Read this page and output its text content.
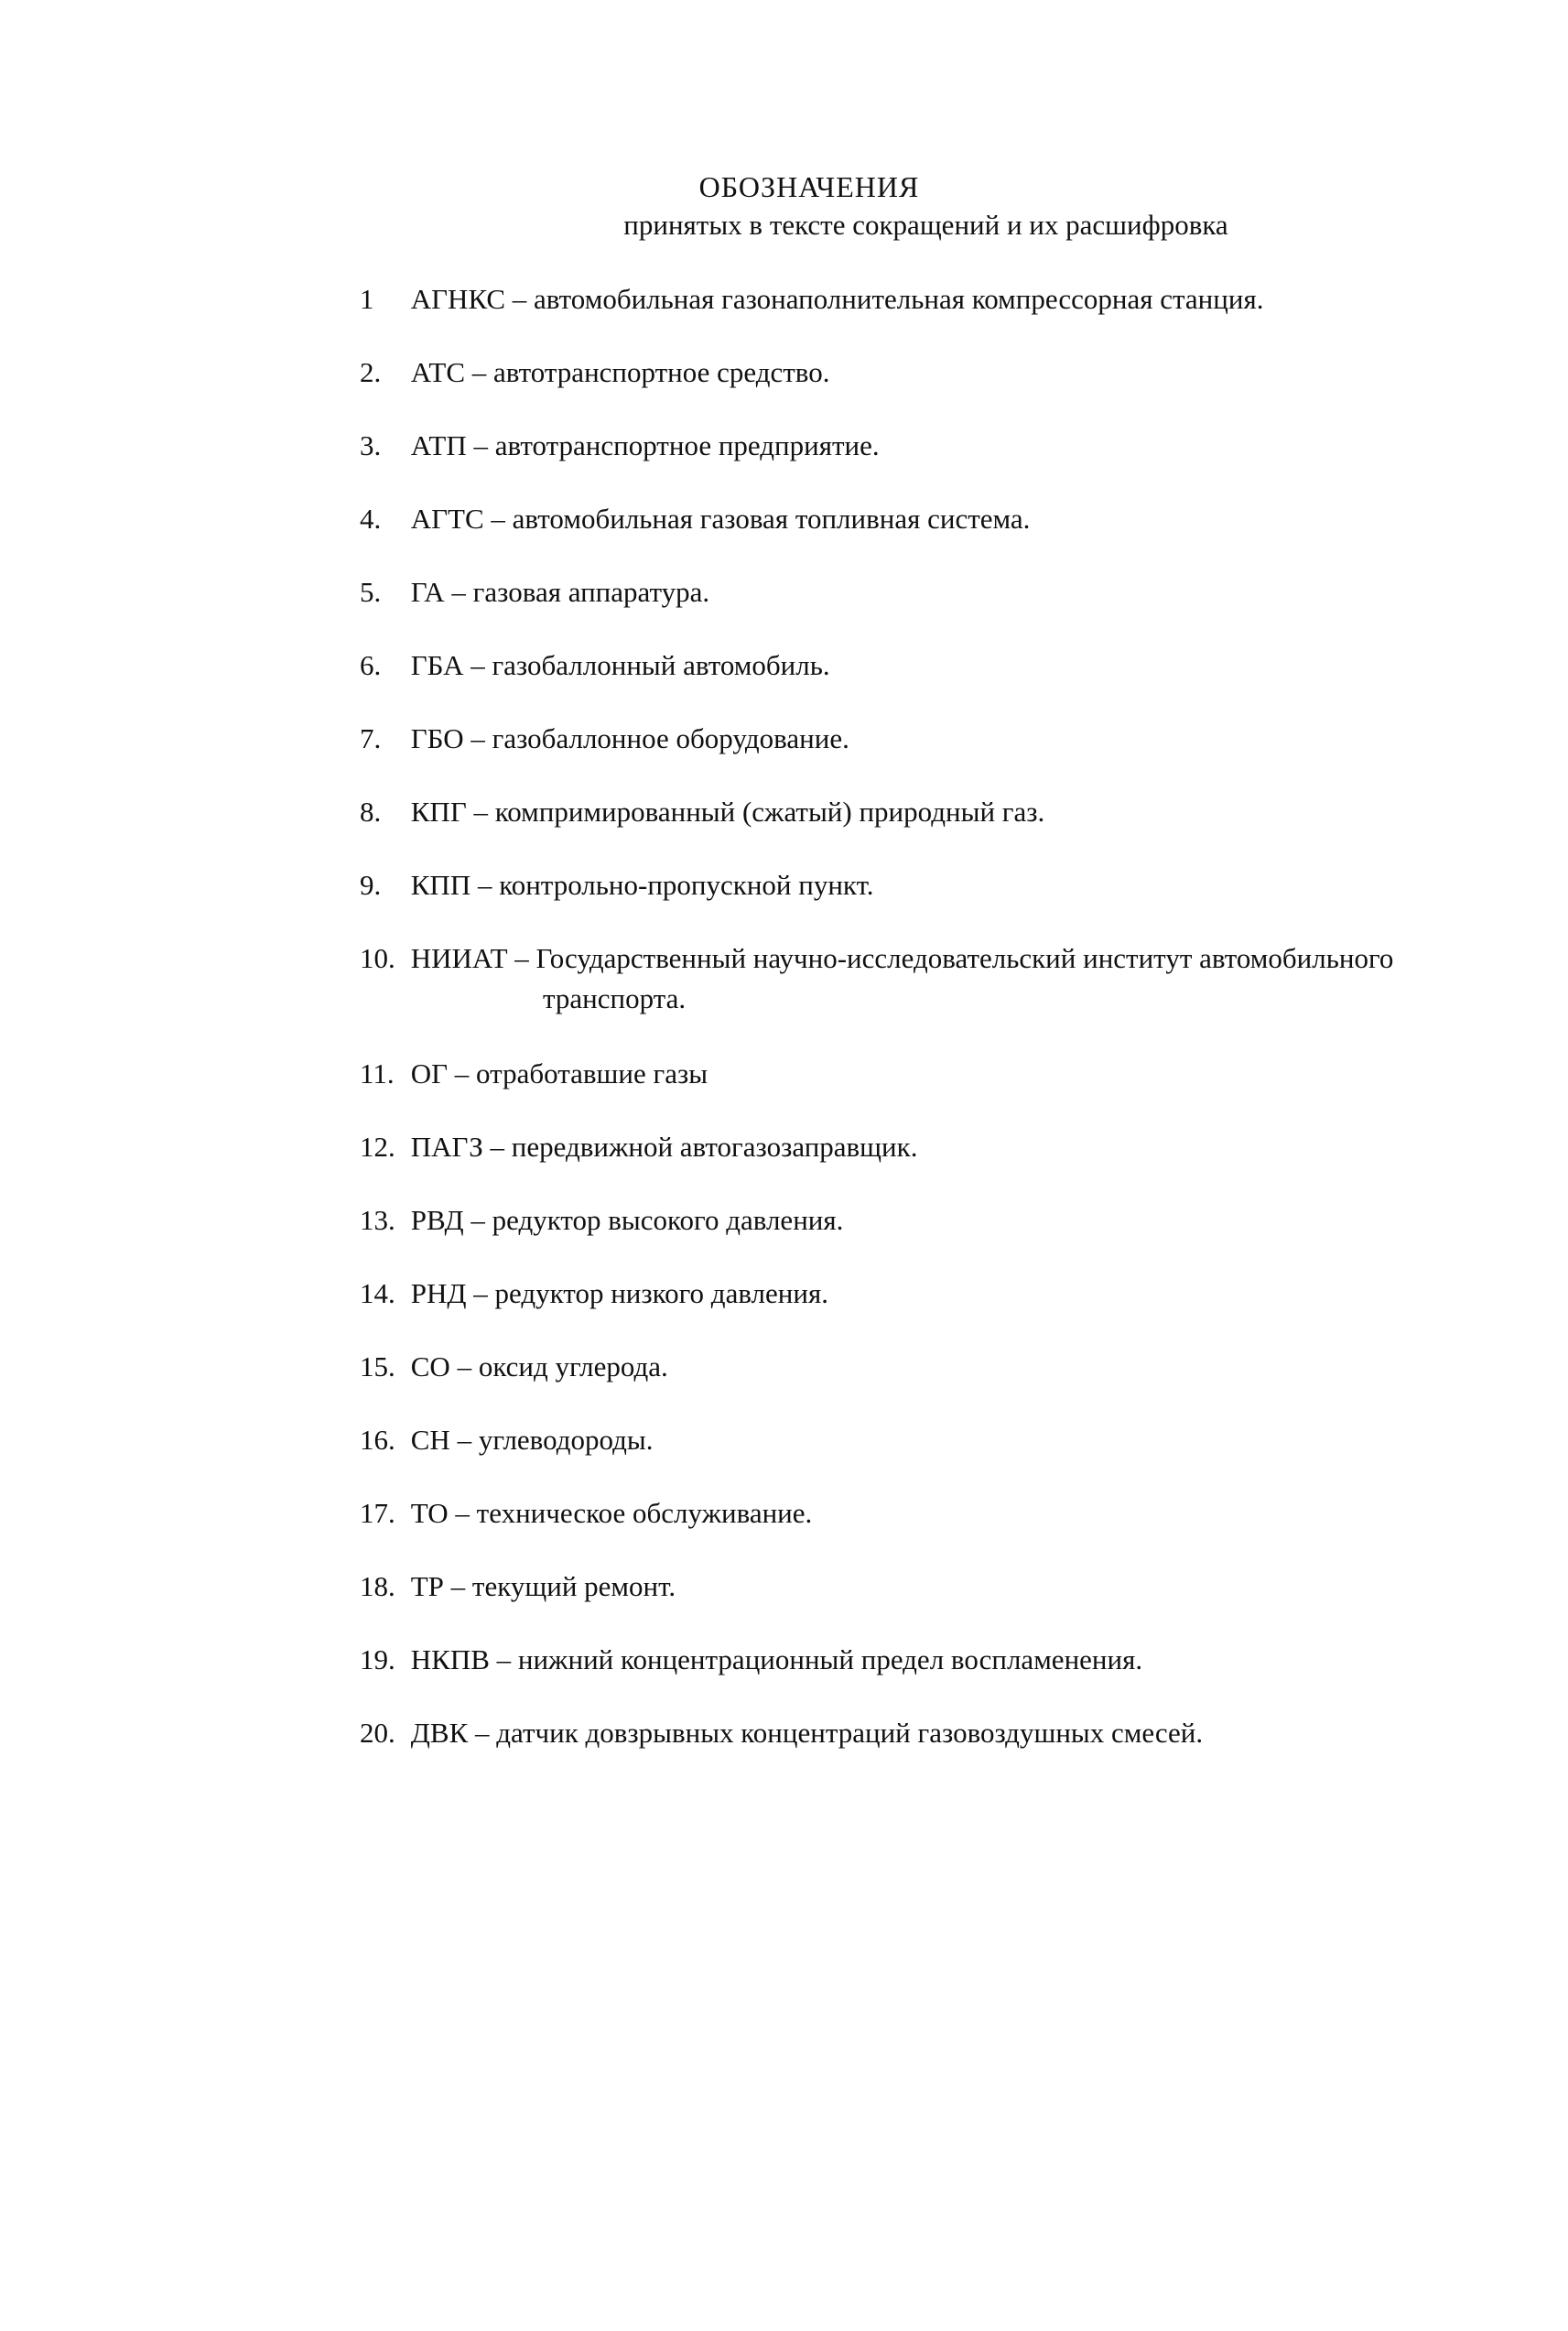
ОБОЗНАЧЕНИЯ
принятых в тексте сокращений и их расшифровка
1 АГНКС – автомобильная газонаполнительная компрессорная станция.
2. АТС – автотранспортное средство.
3. АТП – автотранспортное предприятие.
4. АГТС – автомобильная газовая топливная система.
5. ГА – газовая аппаратура.
6. ГБА – газобаллонный автомобиль.
7. ГБО – газобаллонное оборудование.
8. КПГ – компримированный (сжатый) природный газ.
9. КПП – контрольно-пропускной пункт.
10. НИИАТ – Государственный научно-исследовательский институт автомобильного
транспорта.
11. ОГ – отработавшие газы
12. ПАГЗ – передвижной автогазозаправщик.
13. РВД – редуктор высокого давления.
14. РНД – редуктор низкого давления.
15. СО – оксид углерода.
16. СН – углеводороды.
17. ТО – техническое обслуживание.
18. ТР – текущий ремонт.
19. НКПВ – нижний концентрационный предел воспламенения.
20. ДВК – датчик довзрывных концентраций газовоздушных смесей.
